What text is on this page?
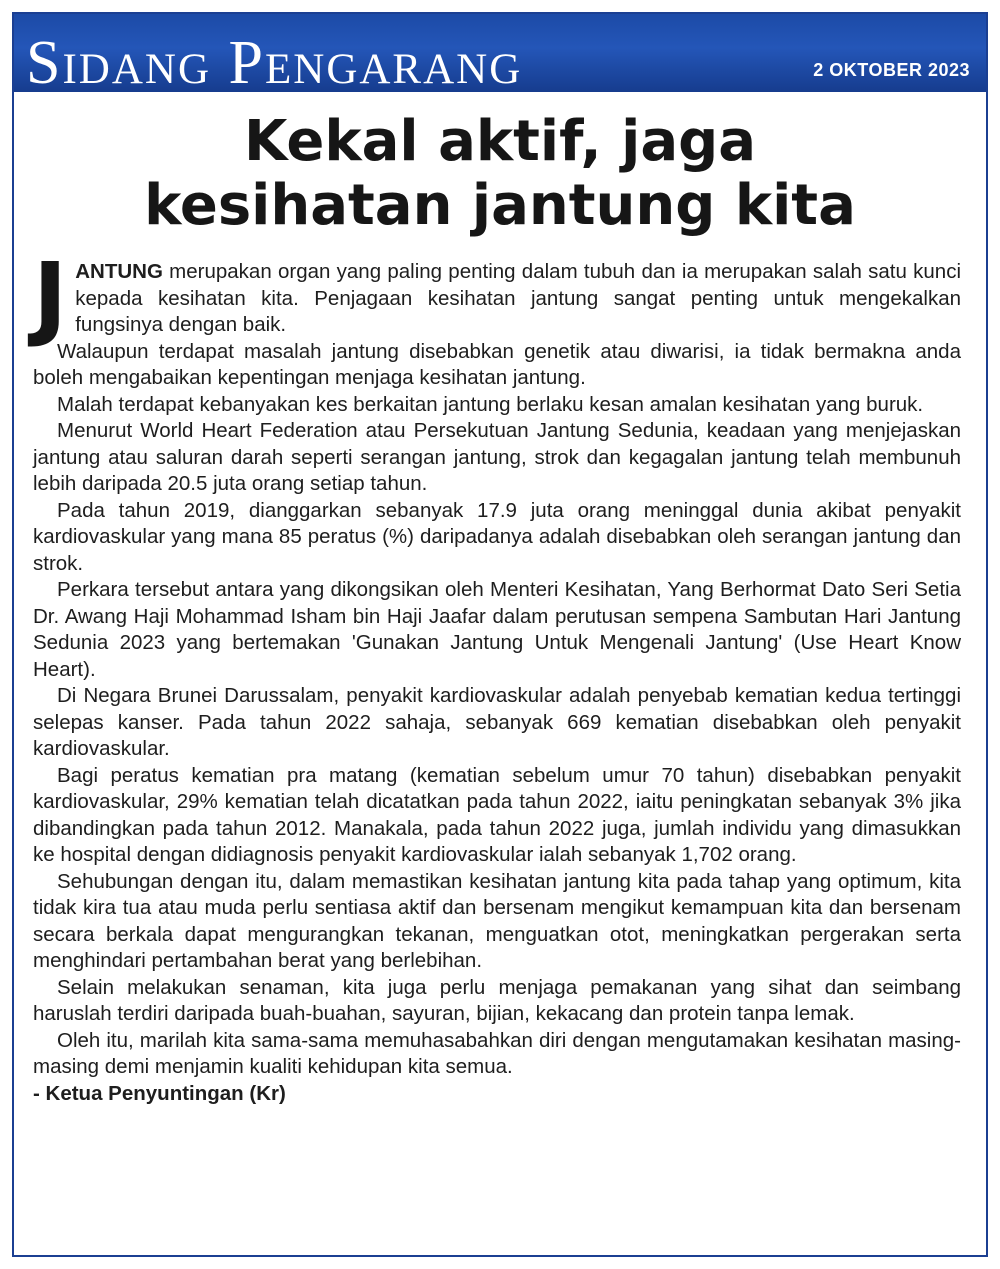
Sidang Pengarang	2 OKTOBER 2023
Kekal aktif, jaga
kesihatan jantung kita

JANTUNG merupakan organ yang paling penting dalam tubuh dan ia merupakan salah satu kunci kepada kesihatan kita. Penjagaan kesihatan jantung sangat penting untuk mengekalkan fungsinya dengan baik.

Walaupun terdapat masalah jantung disebabkan genetik atau diwarisi, ia tidak bermakna anda boleh mengabaikan kepentingan menjaga kesihatan jantung.

Malah terdapat kebanyakan kes berkaitan jantung berlaku kesan amalan kesihatan yang buruk.

Menurut World Heart Federation atau Persekutuan Jantung Sedunia, keadaan yang menjejaskan jantung atau saluran darah seperti serangan jantung, strok dan kegagalan jantung telah membunuh lebih daripada 20.5 juta orang setiap tahun.

Pada tahun 2019, dianggarkan sebanyak 17.9 juta orang meninggal dunia akibat penyakit kardiovaskular yang mana 85 peratus (%) daripadanya adalah disebabkan oleh serangan jantung dan strok.

Perkara tersebut antara yang dikongsikan oleh Menteri Kesihatan, Yang Berhormat Dato Seri Setia Dr. Awang Haji Mohammad Isham bin Haji Jaafar dalam perutusan sempena Sambutan Hari Jantung Sedunia 2023 yang bertemakan 'Gunakan Jantung Untuk Mengenali Jantung' (Use Heart Know Heart).

Di Negara Brunei Darussalam, penyakit kardiovaskular adalah penyebab kematian kedua tertinggi selepas kanser. Pada tahun 2022 sahaja, sebanyak 669 kematian disebabkan oleh penyakit kardiovaskular.

Bagi peratus kematian pra matang (kematian sebelum umur 70 tahun) disebabkan penyakit kardiovaskular, 29% kematian telah dicatatkan pada tahun 2022, iaitu peningkatan sebanyak 3% jika dibandingkan pada tahun 2012. Manakala, pada tahun 2022 juga, jumlah individu yang dimasukkan ke hospital dengan didiagnosis penyakit kardiovaskular ialah sebanyak 1,702 orang.

Sehubungan dengan itu, dalam memastikan kesihatan jantung kita pada tahap yang optimum, kita tidak kira tua atau muda perlu sentiasa aktif dan bersenam mengikut kemampuan kita dan bersenam secara berkala dapat mengurangkan tekanan, menguatkan otot, meningkatkan pergerakan serta menghindari pertambahan berat yang berlebihan.

Selain melakukan senaman, kita juga perlu menjaga pemakanan yang sihat dan seimbang haruslah terdiri daripada buah-buahan, sayuran, bijian, kekacang dan protein tanpa lemak.

Oleh itu, marilah kita sama-sama memuhasabahkan diri dengan mengutamakan kesihatan masing-masing demi menjamin kualiti kehidupan kita semua.

- Ketua Penyuntingan (Kr)
